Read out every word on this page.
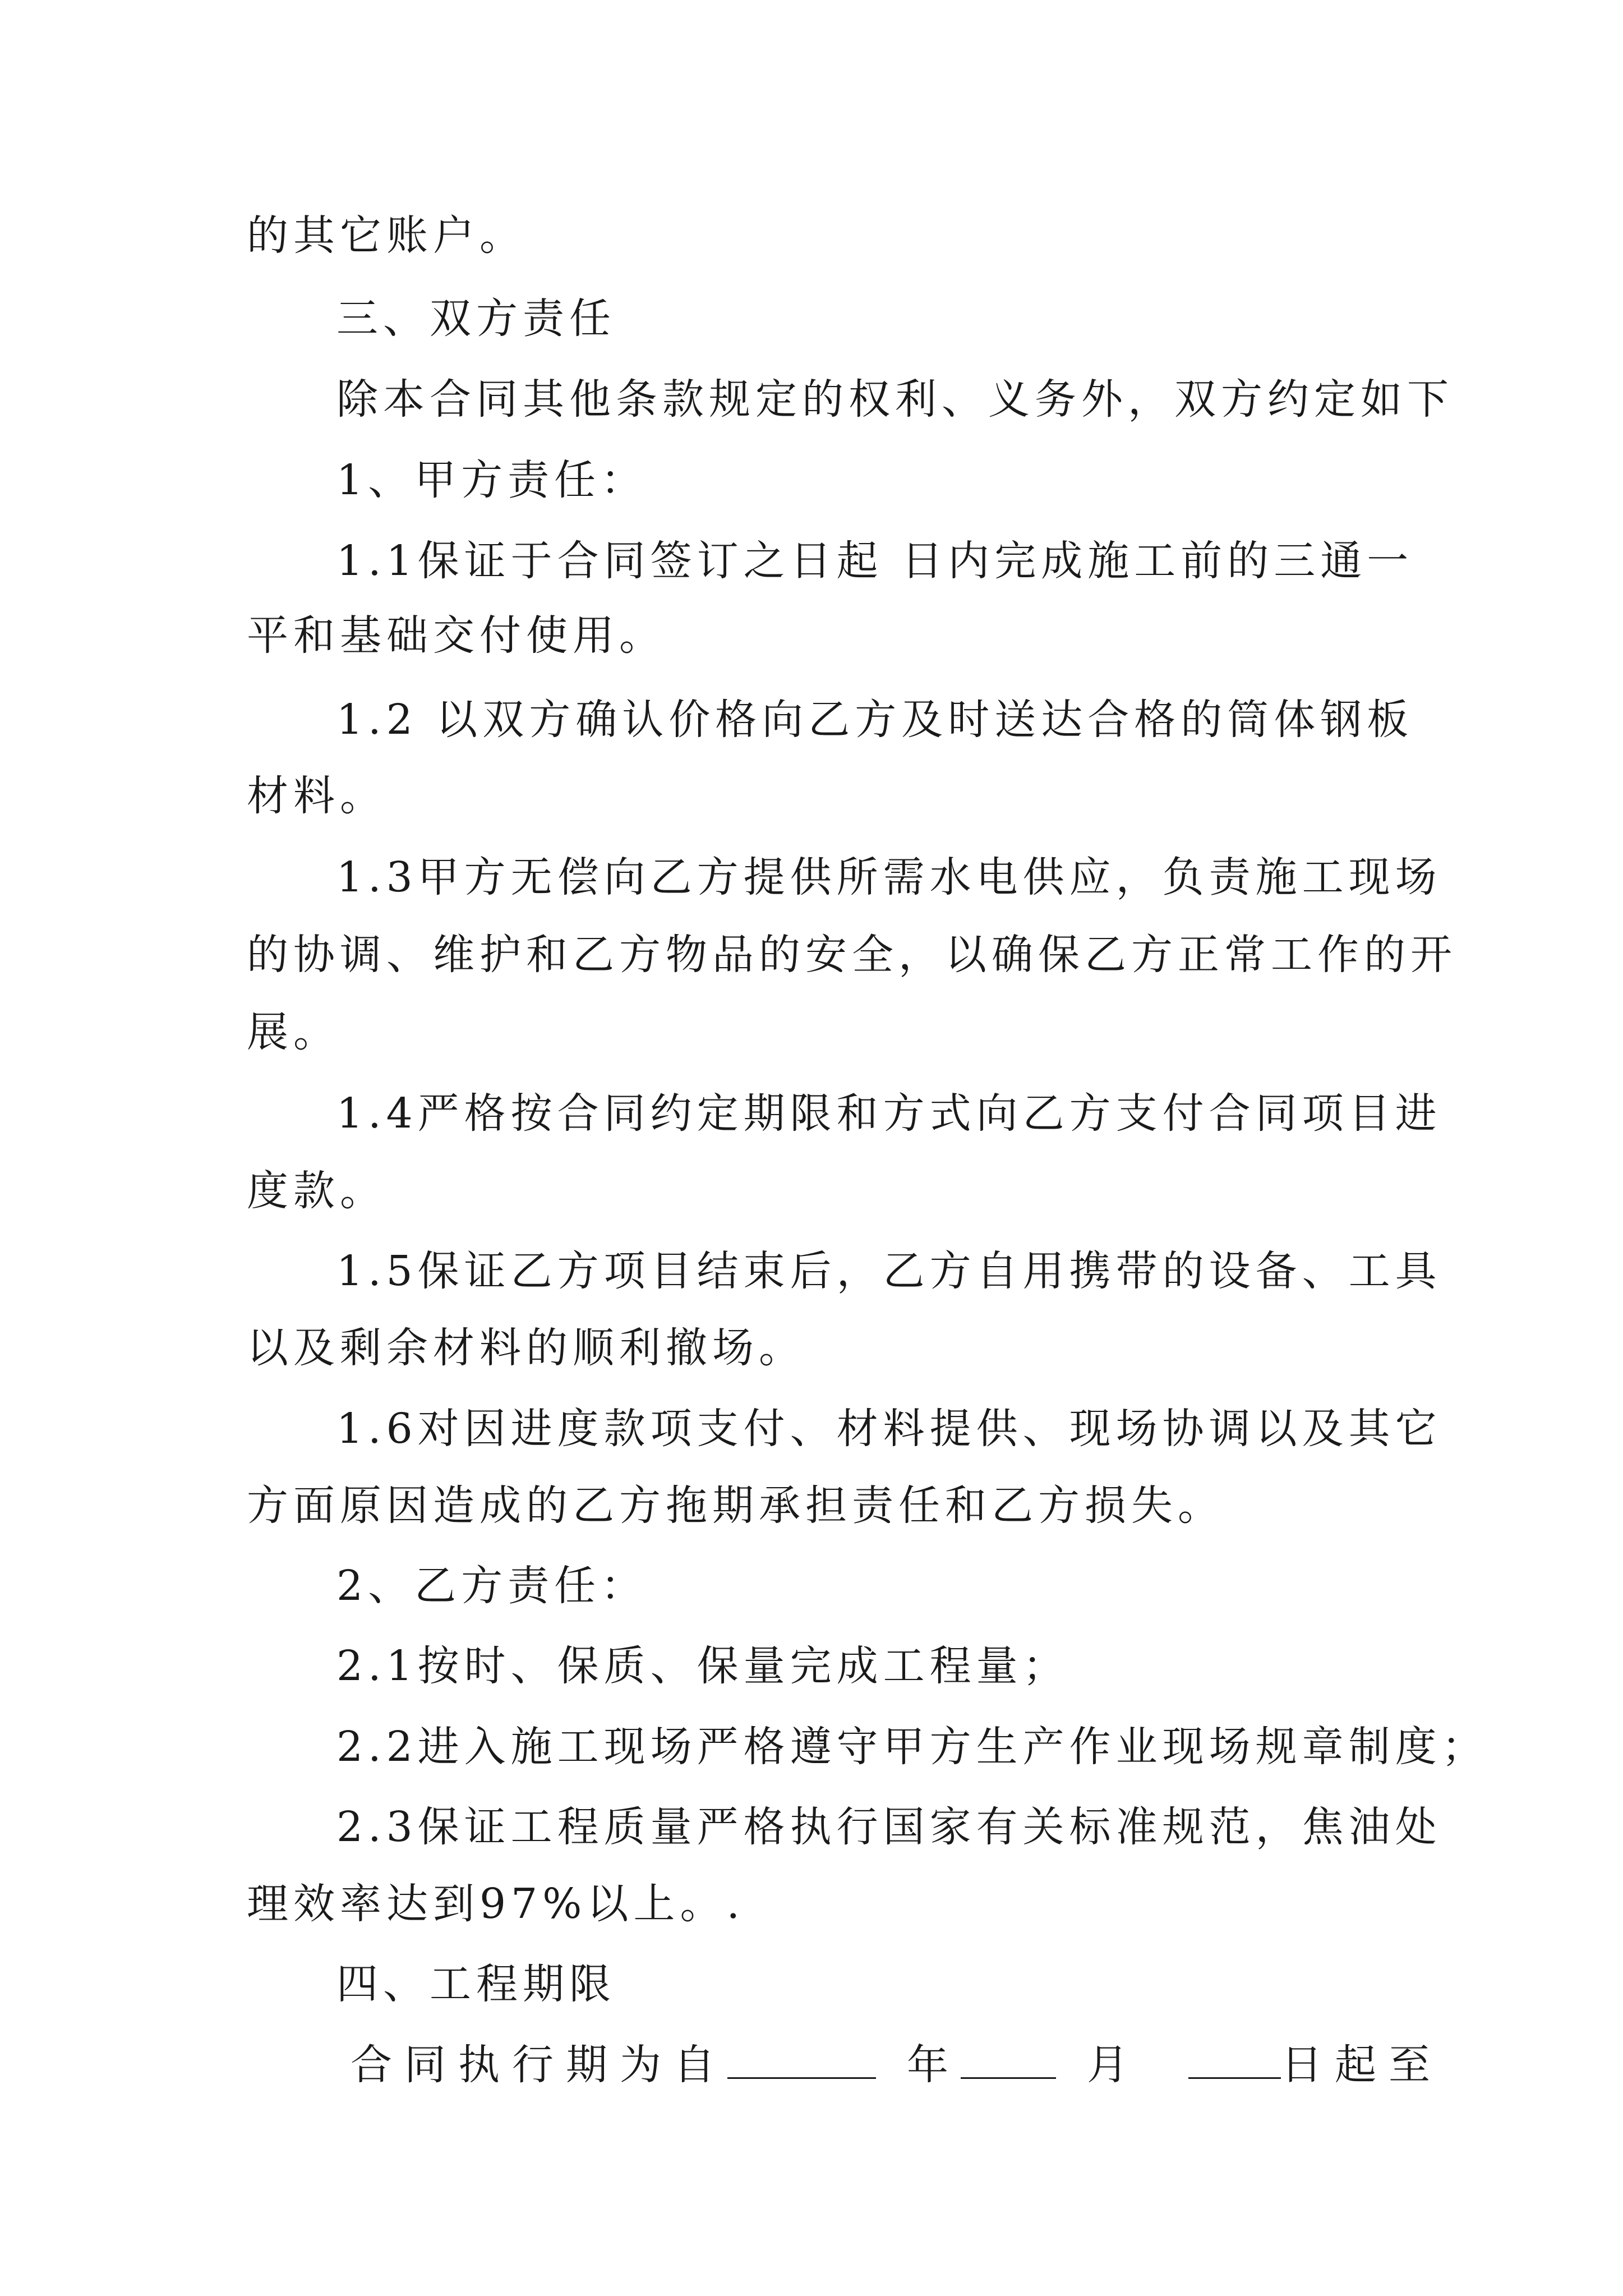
的其它账户。
三、双方责任
除本合同其他条款规定的权利、义务外，双方约定如下
1、甲方责任：
1.1保证于合同签订之日起 日内完成施工前的三通一
平和基础交付使用。
1.2 以双方确认价格向乙方及时送达合格的筒体钢板
材料。
1.3甲方无偿向乙方提供所需水电供应，负责施工现场
的协调、维护和乙方物品的安全，以确保乙方正常工作的开
展。
1.4严格按合同约定期限和方式向乙方支付合同项目进
度款。
1.5保证乙方项目结束后，乙方自用携带的设备、工具
以及剩余材料的顺利撤场。
1.6对因进度款项支付、材料提供、现场协调以及其它
方面原因造成的乙方拖期承担责任和乙方损失。
2、乙方责任：
2.1按时、保质、保量完成工程量；
2.2进入施工现场严格遵守甲方生产作业现场规章制度；
2.3保证工程质量严格执行国家有关标准规范，焦油处
理效率达到97%以上。.
四、工程期限
合同执行期为自	年	月	日起至
